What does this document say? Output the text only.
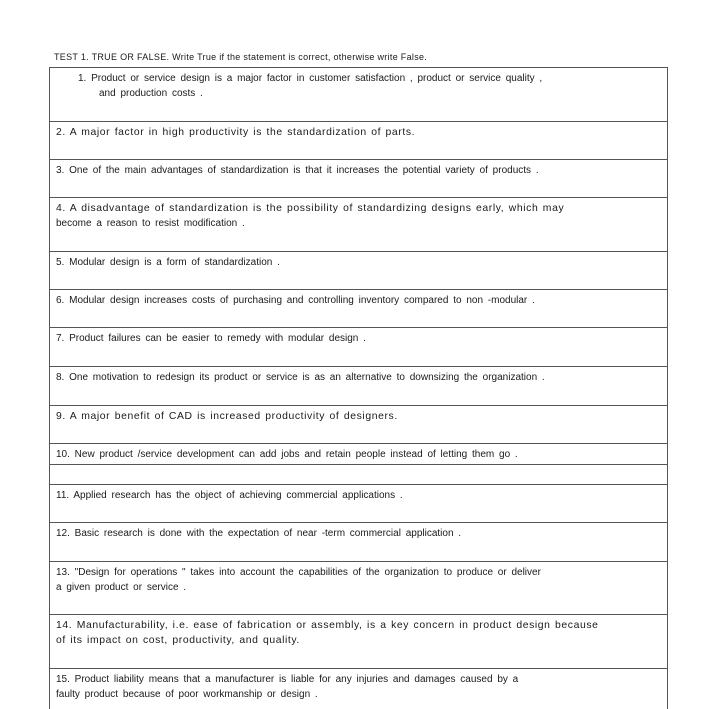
TEST 1. TRUE OR FALSE. Write True if the statement is correct, otherwise write False.
1. Product or service design is a major factor in customer satisfaction , product or service quality ,
and production costs .
2. A major factor in high productivity is the standardization of parts.
3. One of the main advantages of standardization is that it increases the potential variety of products .
4. A disadvantage of standardization is the possibility of standardizing designs early, which may
become a reason to resist modification .
5. Modular design is a form of standardization .
6. Modular design increases costs of purchasing and controlling inventory compared to non -modular .
7. Product failures can be easier to remedy with modular design .
8. One motivation to redesign its product or service is as an alternative to downsizing the organization .
9. A major benefit of CAD is increased productivity of designers.
10. New product /service development can add jobs and retain people instead of letting them go .
11. Applied research has the object of achieving commercial applications .
12. Basic research is done with the expectation of near -term commercial application .
13. "Design for operations " takes into account the capabilities of the organization to produce or deliver
a given product or service .
14. Manufacturability, i.e. ease of fabrication or assembly, is a key concern in product design because
of its impact on cost, productivity, and quality.
15. Product liability means that a manufacturer is liable for any injuries and damages caused by a
faulty product because of poor workmanship or design .
